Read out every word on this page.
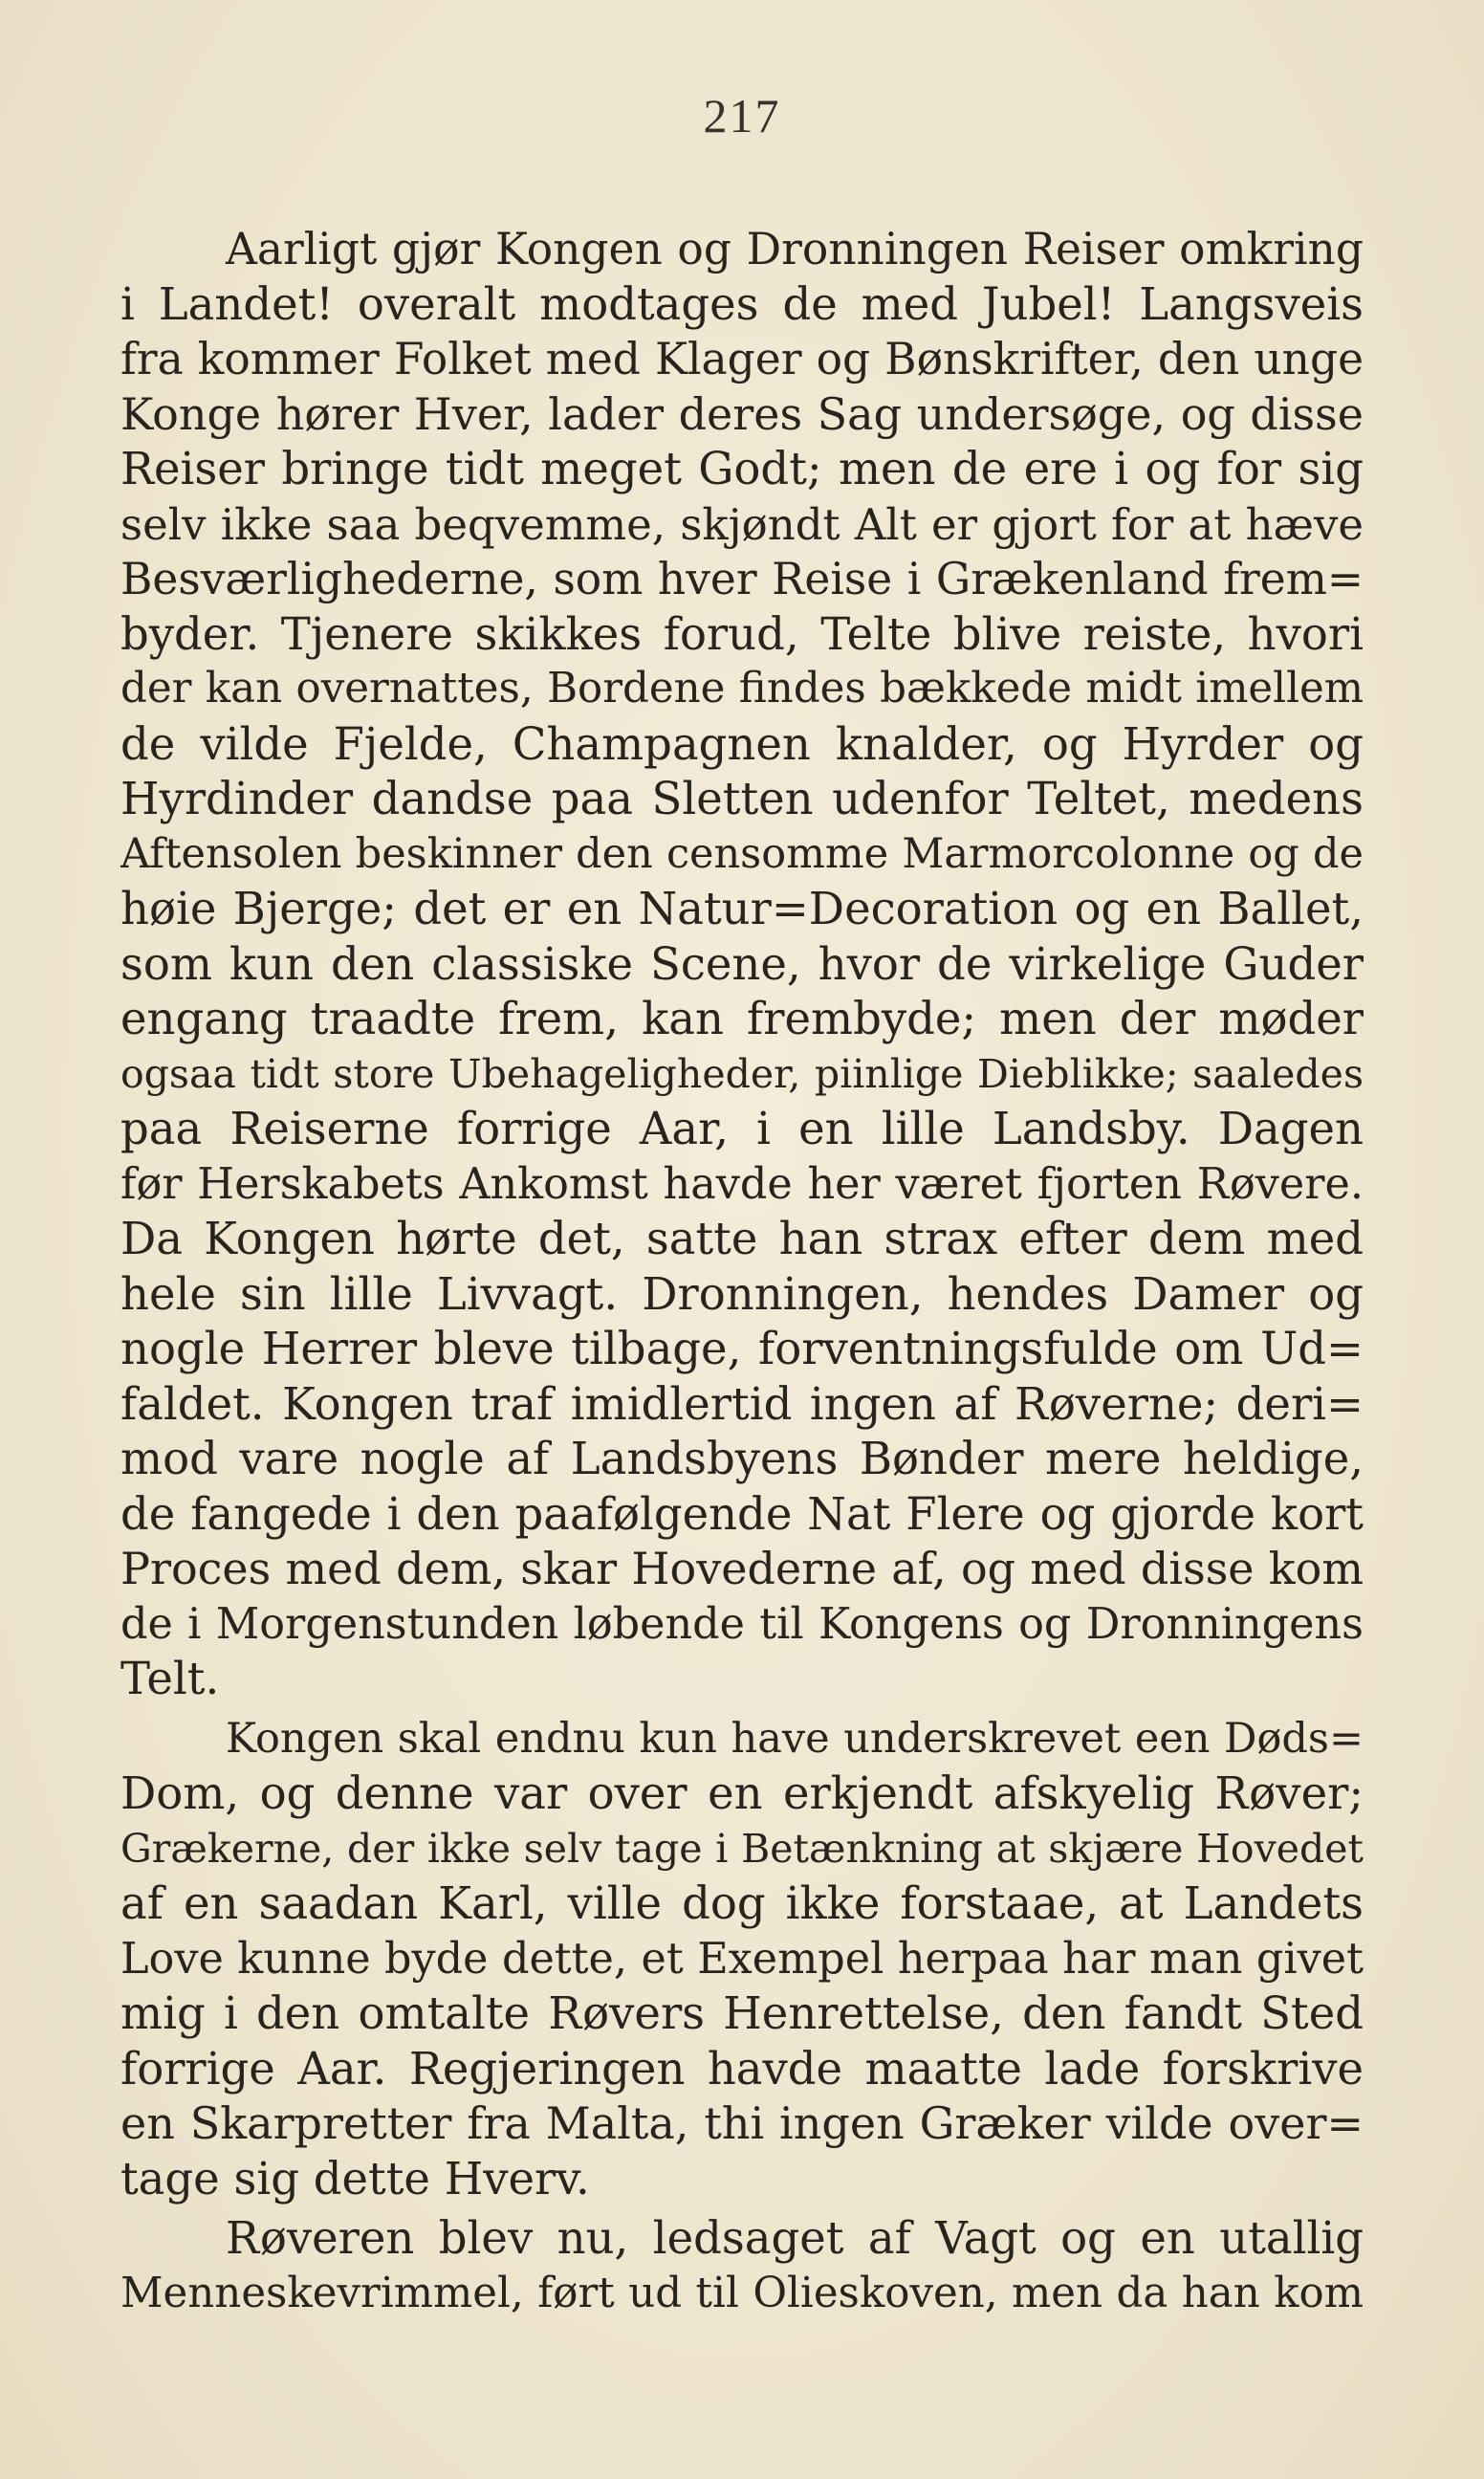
217
Aarligt gjør Kongen og Dronningen Reiser omkring
i Landet! overalt modtages de med Jubel! Langsveis
fra kommer Folket med Klager og Bønskrifter, den unge
Konge hører Hver, lader deres Sag undersøge, og disse
Reiser bringe tidt meget Godt; men de ere i og for sig
selv ikke saa beqvemme, skjøndt Alt er gjort for at hæve
Besværlighederne, som hver Reise i Grækenland frem=
byder. Tjenere skikkes forud, Telte blive reiste, hvori
der kan overnattes, Bordene findes bækkede midt imellem
de vilde Fjelde, Champagnen knalder, og Hyrder og
Hyrdinder dandse paa Sletten udenfor Teltet, medens
Aftensolen beskinner den censomme Marmorcolonne og de
høie Bjerge; det er en Natur=Decoration og en Ballet,
som kun den classiske Scene, hvor de virkelige Guder
engang traadte frem, kan frembyde; men der møder
ogsaa tidt store Ubehageligheder, piinlige Dieblikke; saaledes
paa Reiserne forrige Aar, i en lille Landsby. Dagen
før Herskabets Ankomst havde her været fjorten Røvere.
Da Kongen hørte det, satte han strax efter dem med
hele sin lille Livvagt. Dronningen, hendes Damer og
nogle Herrer bleve tilbage, forventningsfulde om Ud=
faldet. Kongen traf imidlertid ingen af Røverne; deri=
mod vare nogle af Landsbyens Bønder mere heldige,
de fangede i den paafølgende Nat Flere og gjorde kort
Proces med dem, skar Hovederne af, og med disse kom
de i Morgenstunden løbende til Kongens og Dronningens
Telt.
Kongen skal endnu kun have underskrevet een Døds=
Dom, og denne var over en erkjendt afskyelig Røver;
Grækerne, der ikke selv tage i Betænkning at skjære Hovedet
af en saadan Karl, ville dog ikke forstaae, at Landets
Love kunne byde dette, et Exempel herpaa har man givet
mig i den omtalte Røvers Henrettelse, den fandt Sted
forrige Aar. Regjeringen havde maatte lade forskrive
en Skarpretter fra Malta, thi ingen Græker vilde over=
tage sig dette Hverv.
Røveren blev nu, ledsaget af Vagt og en utallig
Menneskevrimmel, ført ud til Olieskoven, men da han kom
